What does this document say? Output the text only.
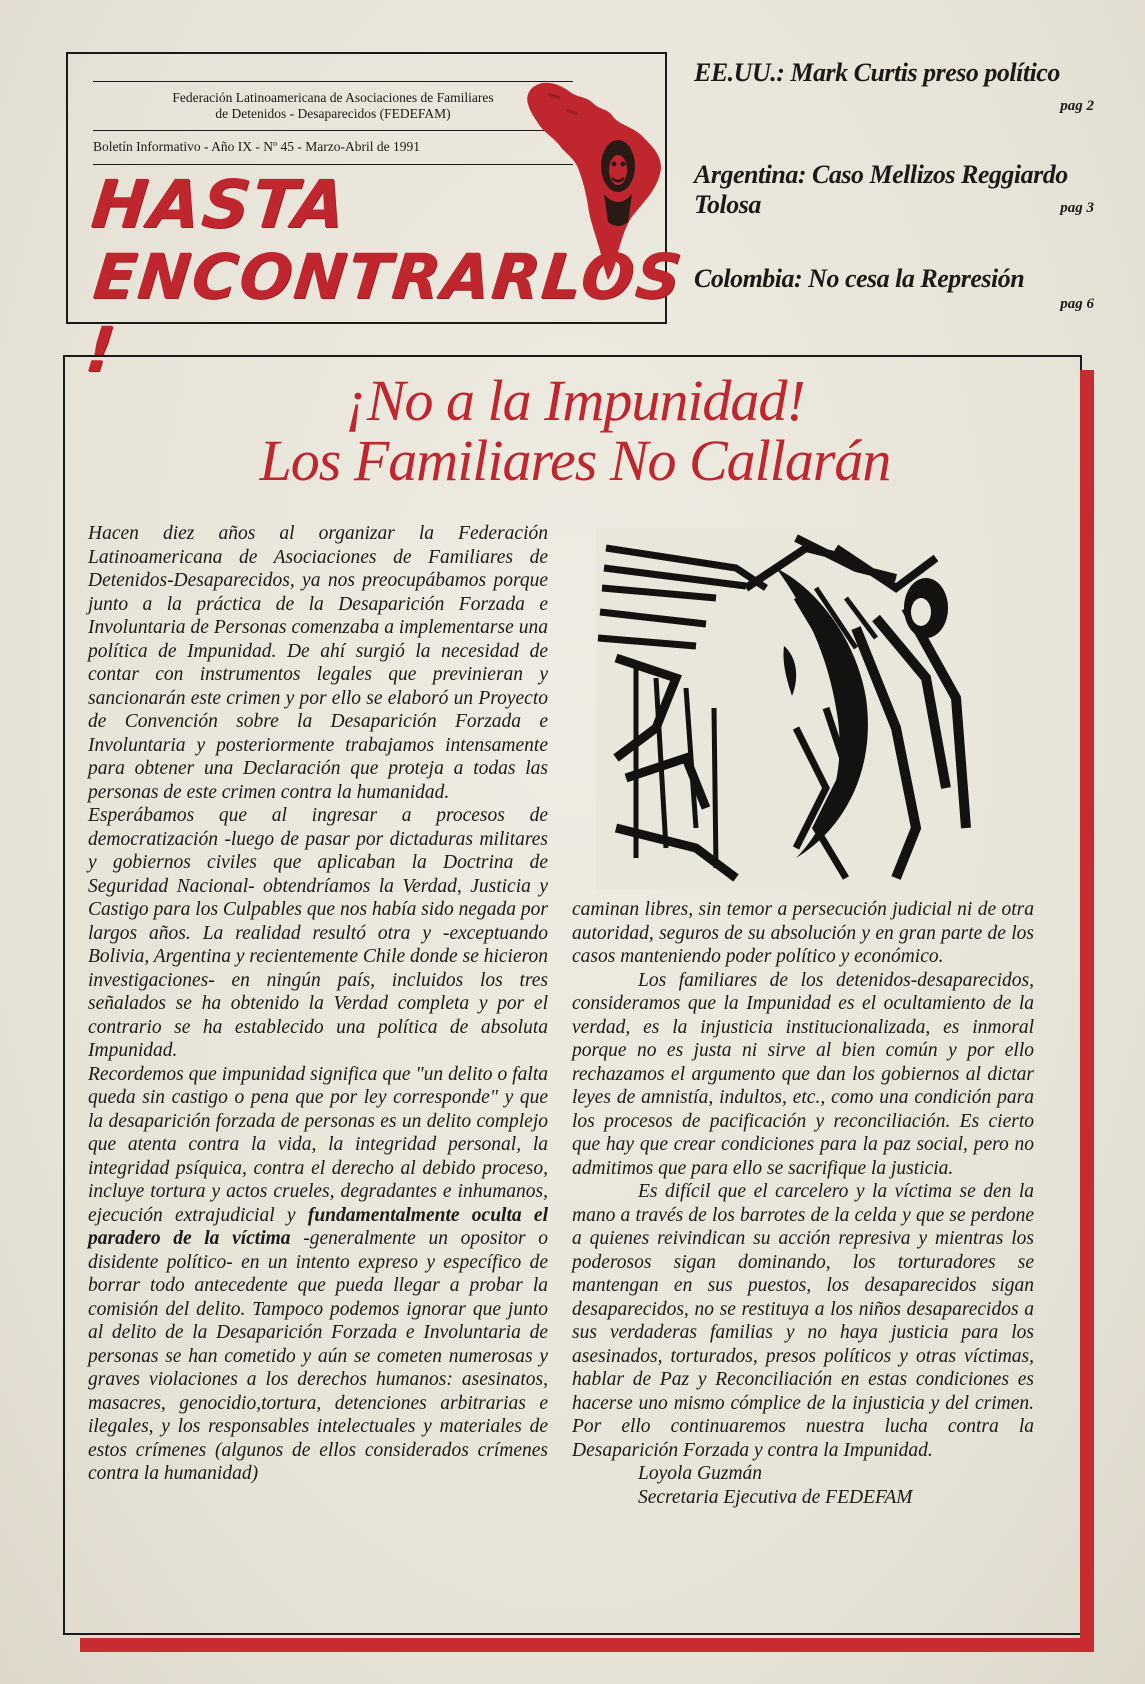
Federación Latinoamericana de Asociaciones de Familiares
de Detenidos - Desaparecidos (FEDEFAM)
Boletín Informativo - Año IX - Nº 45 - Marzo-Abril de 1991
HASTA
ENCONTRARLOS !
EE.UU.: Mark Curtis preso político
pag 2
Argentina: Caso Mellizos Reggiardo Tolosa	pag 3
Colombia: No cesa la Represión
pag 6
¡No a la Impunidad!
Los Familiares No Callarán

Hacen diez años al organizar la Federación Latinoamericana de Asociaciones de Familiares de Detenidos-Desaparecidos, ya nos preocupábamos porque junto a la práctica de la Desaparición Forzada e Involuntaria de Personas comenzaba a implementarse una política de Impunidad. De ahí surgió la necesidad de contar con instrumentos legales que previnieran y sancionarán este crimen y por ello se elaboró un Proyecto de Convención sobre la Desaparición Forzada e Involuntaria y posteriormente trabajamos intensamente para obtener una Declaración que proteja a todas las personas de este crimen contra la humanidad.

Esperábamos que al ingresar a procesos de democratización -luego de pasar por dictaduras militares y gobiernos civiles que aplicaban la Doctrina de Seguridad Nacional- obtendríamos la Verdad, Justicia y Castigo para los Culpables que nos había sido negada por largos años. La realidad resultó otra y -exceptuando Bolivia, Argentina y recientemente Chile donde se hicieron investigaciones- en ningún país, incluidos los tres señalados se ha obtenido la Verdad completa y por el contrario se ha establecido una política de absoluta Impunidad.

Recordemos que impunidad significa que "un delito o falta queda sin castigo o pena que por ley corresponde" y que la desaparición forzada de personas es un delito complejo que atenta contra la vida, la integridad personal, la integridad psíquica, contra el derecho al debido proceso, incluye tortura y actos crueles, degradantes e inhumanos, ejecución extrajudicial y fundamentalmente oculta el paradero de la víctima -generalmente un opositor o disidente político- en un intento expreso y específico de borrar todo antecedente que pueda llegar a probar la comisión del delito. Tampoco podemos ignorar que junto al delito de la Desaparición Forzada e Involuntaria de personas se han cometido y aún se cometen numerosas y graves violaciones a los derechos humanos: asesinatos, masacres, genocidio,tortura, detenciones arbitrarias e ilegales, y los responsables intelectuales y materiales de estos crímenes (algunos de ellos considerados crímenes contra la humanidad)

caminan libres, sin temor a persecución judicial ni de otra autoridad, seguros de su absolución y en gran parte de los casos manteniendo poder político y económico.

Los familiares de los detenidos-desaparecidos, consideramos que la Impunidad es el ocultamiento de la verdad, es la injusticia institucionalizada, es inmoral porque no es justa ni sirve al bien común y por ello rechazamos el argumento que dan los gobiernos al dictar leyes de amnistía, indultos, etc., como una condición para los procesos de pacificación y reconciliación. Es cierto que hay que crear condiciones para la paz social, pero no admitimos que para ello se sacrifique la justicia.

Es difícil que el carcelero y la víctima se den la mano a través de los barrotes de la celda y que se perdone a quienes reivindican su acción represiva y mientras los poderosos sigan dominando, los torturadores se mantengan en sus puestos, los desaparecidos sigan desaparecidos, no se restituya a los niños desaparecidos a sus verdaderas familias y no haya justicia para los asesinados, torturados, presos políticos y otras víctimas, hablar de Paz y Reconciliación en estas condiciones es hacerse uno mismo cómplice de la injusticia y del crimen. Por ello continuaremos nuestra lucha contra la Desaparición Forzada y contra la Impunidad.

Loyola Guzmán

Secretaria Ejecutiva de FEDEFAM
